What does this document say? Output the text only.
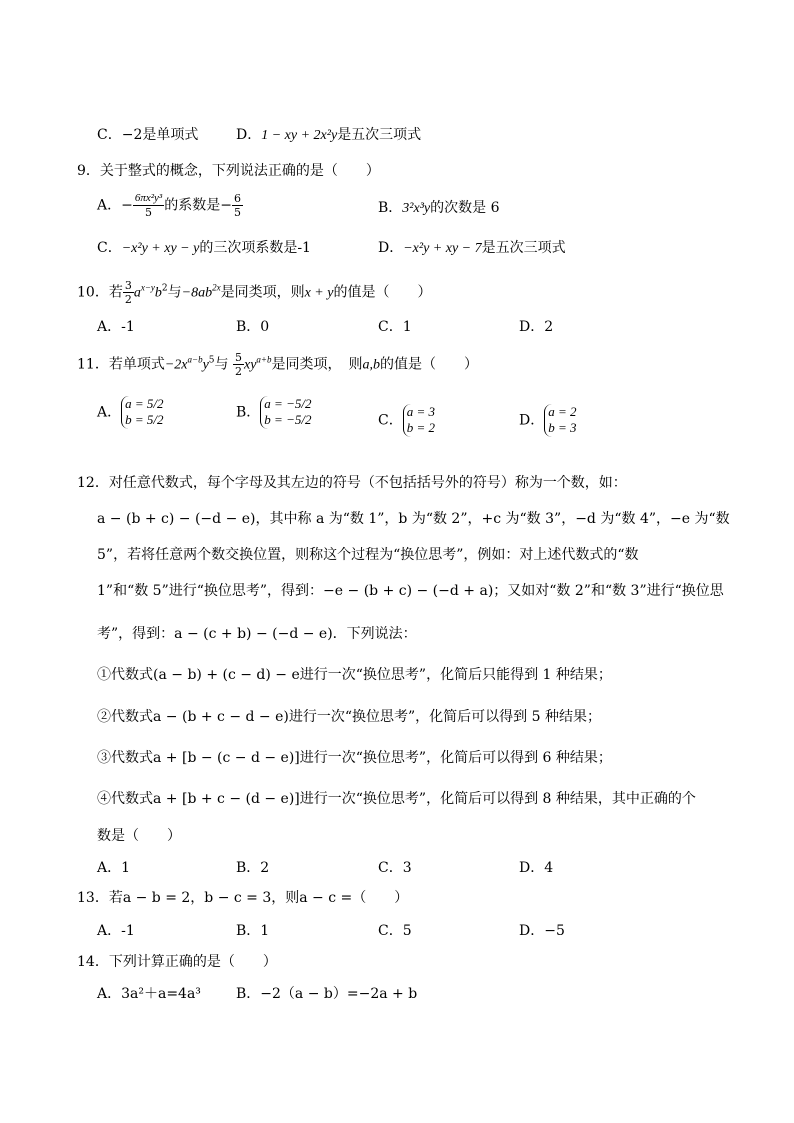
C．−2是单项式	D．1 − xy + 2x²y是五次三项式
9．关于整式的概念，下列说法正确的是（　　）
A．− $\frac{\text{6πx²y³}}{5}$ 的系数是− $\frac{6}{5}$	B．3²x³y的次数是 6
C．−x²y + xy − y的三次项系数是-1	D．−x²y + xy − 7是五次三项式
10．若 $\frac{3}{2} a^{x-y}b^2$与$-8ab^{2x}$是同类项，则x + y的值是（　　）
A．-1	B．0	C．1	D．2
11．若单项式$-2x^{a-b}y^5$与 $\frac{5}{2} xy^{a+b}$是同类项，　则a,b的值是（　　）
A．
a = 5/2
b = 5/2	B．
a = −5/2
b = −5/2	C．
a = 3
b = 2	D．
a = 2
b = 3
12．对任意代数式，每个字母及其左边的符号（不包括括号外的符号）称为一个数，如：
a − (b + c) − (−d − e)，其中称 a 为“数 1”，b 为“数 2”，+c 为“数 3”，−d 为“数 4”，−e 为“数
5”，若将任意两个数交换位置，则称这个过程为“换位思考”，例如：对上述代数式的“数
1”和“数 5”进行“换位思考”，得到：−e − (b + c) − (−d + a)；又如对“数 2”和“数 3”进行“换位思
考”，得到：a − (c + b) − (−d − e)．下列说法：
①代数式(a − b) + (c − d) − e进行一次“换位思考”，化简后只能得到 1 种结果；
②代数式a − (b + c − d − e)进行一次“换位思考”，化简后可以得到 5 种结果；
③代数式a + [b − (c − d − e)]进行一次“换位思考”，化简后可以得到 6 种结果；
④代数式a + [b + c − (d − e)]进行一次“换位思考”，化简后可以得到 8 种结果，其中正确的个
数是（　　）
A．1	B．2	C．3	D．4
13．若a − b = 2，b − c = 3，则a − c =（　　）
A．-1	B．1	C．5	D．−5
14．下列计算正确的是（　　）
A．3a²＋a=4a³	B．−2（a − b）=−2a + b
